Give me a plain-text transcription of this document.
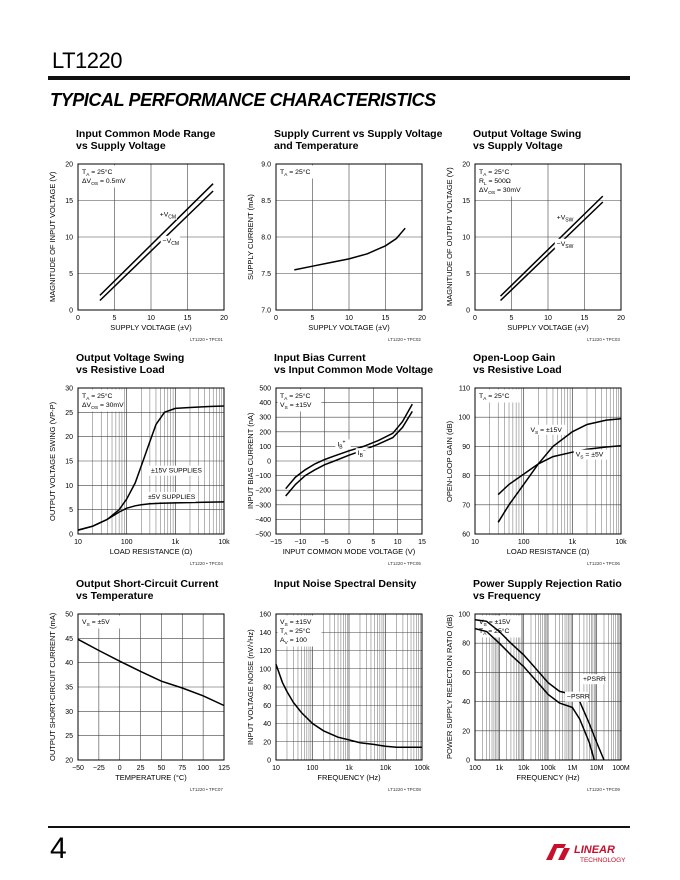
LT1220
TYPICAL PERFORMANCE CHARACTERISTICS
Input Common Mode Range
vs Supply Voltage
0	5	10	15	20
0
5
10
15
20
$T_A = 25^\circ C$
$\Delta V_{OS} = 0.5mV$
$+V_{CM}$
$-V_{CM}$
SUPPLY VOLTAGE (±V)
MAGNITUDE OF INPUT VOLTAGE (V)
LT1220 • TPC01
Supply Current vs Supply Voltage
and Temperature
0	5	10	15	20
7.0
7.5
8.0
8.5
9.0
$T_A = 25^\circ C$
SUPPLY VOLTAGE (±V)
SUPPLY CURRENT (mA)
LT1220 • TPC02
Output Voltage Swing
vs Supply Voltage
0	5	10	15	20
0
5
10
15
20
$T_A = 25^\circ C$
$R_L = 500\Omega$
$\Delta V_{OS} = 30mV$
$+V_{SW}$
$-V_{SW}$
SUPPLY VOLTAGE (±V)
MAGNITUDE OF OUTPUT VOLTAGE (V)
LT1220 • TPC03
Output Voltage Swing
vs Resistive Load
10	100	1k	10k
0
5
10
15
20
25
30
$T_A = 25^\circ C$
$\Delta V_{OS} = 30mV$
±15V SUPPLIES
±5V SUPPLIES
LOAD RESISTANCE (Ω)
OUTPUT VOLTAGE SWING (VP-P)
LT1220 • TPC04
Input Bias Current
vs Input Common Mode Voltage
−15 −10 −5	0	5	10 15
−500
−400
−300
−200
−100
0
100
200
300
400
500
$T_A = 25^\circ C$
$V_S = \pm 15V$
$I_B^+$
$I_B^-$
INPUT COMMON MODE VOLTAGE (V)
INPUT BIAS CURRENT (nA)
LT1220 • TPC05
Open-Loop Gain
vs Resistive Load
10	100	1k	10k
60
70
80
90
100
110
$T_A = 25^\circ C$
$V_S = \pm 15V$
$V_S = \pm 5V$
LOAD RESISTANCE (Ω)
OPEN-LOOP GAIN (dB)
LT1220 • TPC06
Output Short-Circuit Current
vs Temperature
−50 −25 0 25 50 75 100 125
20
25
30
35
40
45
50
$V_S = \pm 5V$
TEMPERATURE (°C)
OUTPUT SHORT-CIRCUIT CURRENT (mA)
LT1220 • TPC07
Input Noise Spectral Density
10	100	1k	10k	100k
0
20
40
60
80
100
120
140
160
$V_S = \pm 15V$
$T_A = 25^\circ C$
$A_V = 100$
FREQUENCY (Hz)
INPUT VOLTAGE NOISE (nV/√Hz)
LT1220 • TPC08
Power Supply Rejection Ratio
vs Frequency
100 1k 10k 100k 1M 10M 100M
0
20
40
60
80
100
$V_S = \pm 15V$
$T_A = 25^\circ C$
+PSRR
−PSRR
FREQUENCY (Hz)
POWER SUPPLY REJECTION RATIO (dB)
LT1220 • TPC09
4	LINEAR
TECHNOLOGY
